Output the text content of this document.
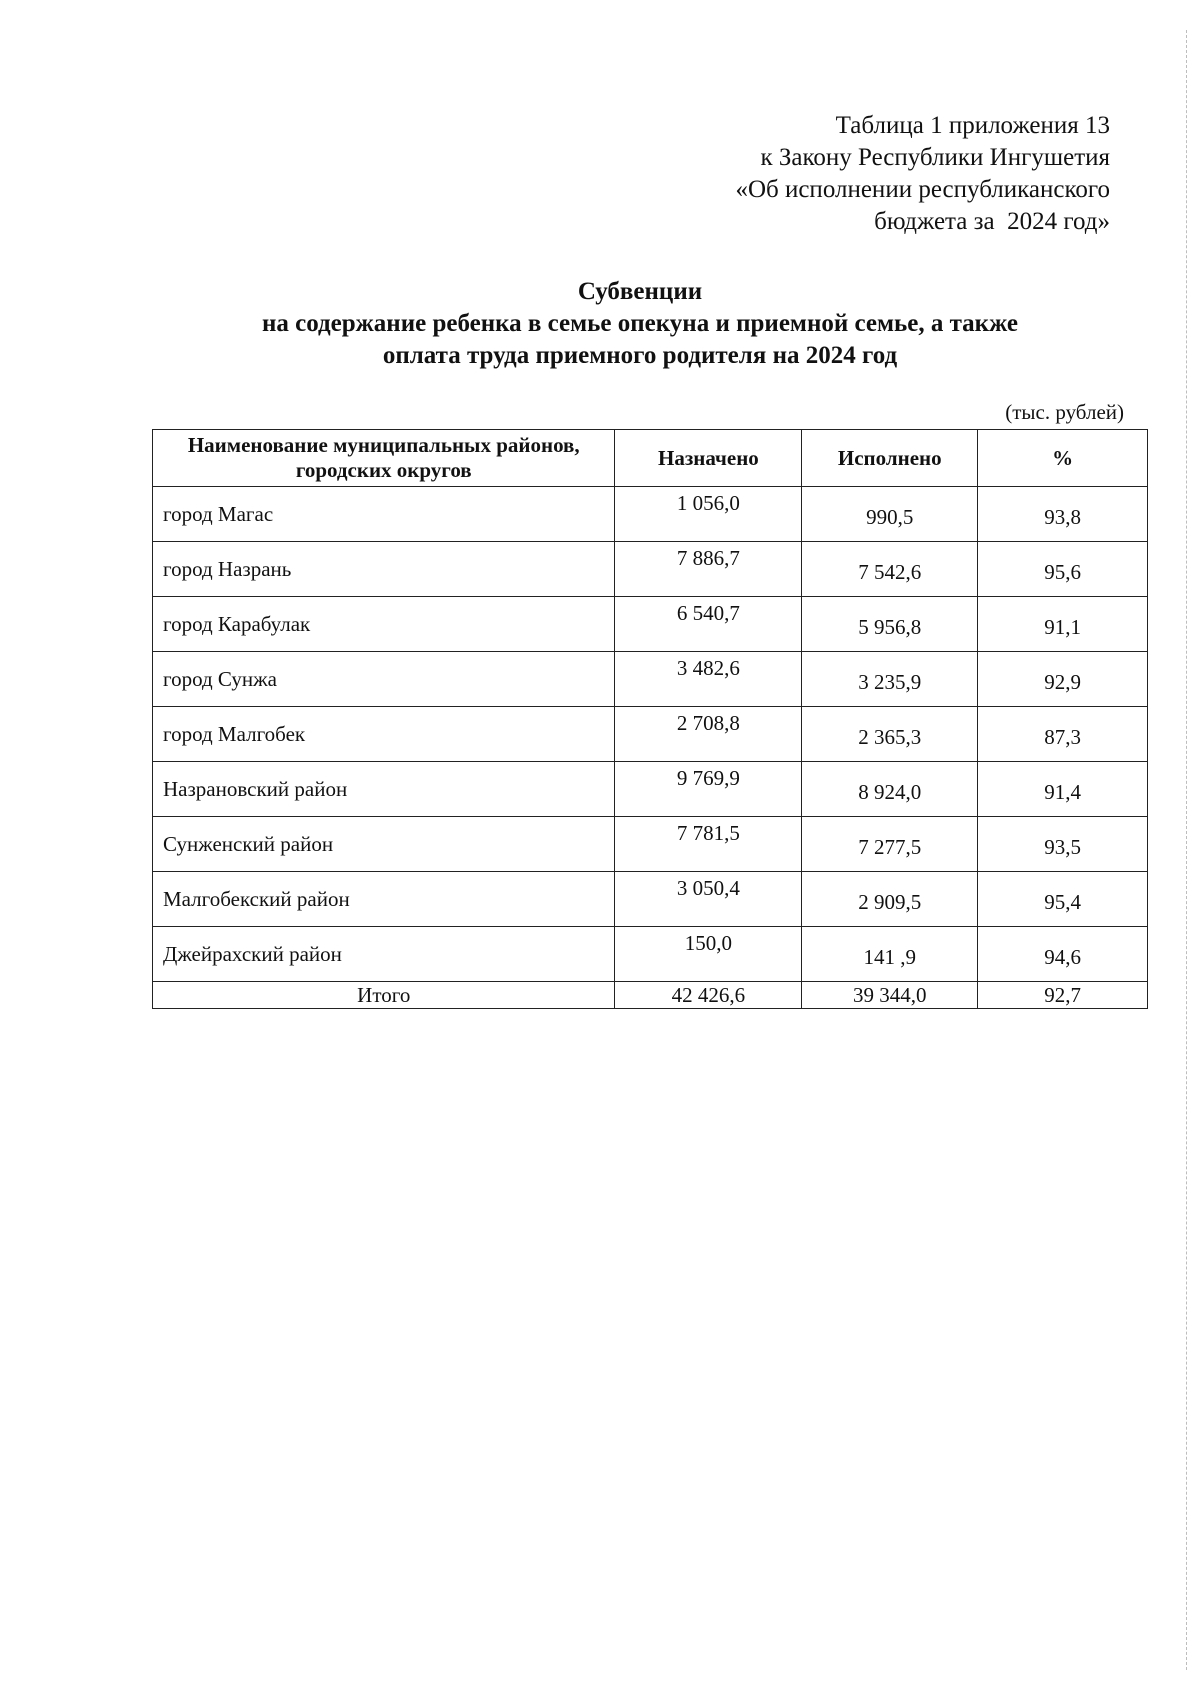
Таблица 1 приложения 13
к Закону Республики Ингушетия
«Об исполнении республиканского
бюджета за  2024 год»
Субвенции
на содержание ребенка в семье опекуна и приемной семье, а также
оплата труда приемного родителя на 2024 год
(тыс. рублей)
Наименование муниципальных районов, городских округов	Назначено	Исполнено	%
город Магас	1 056,0	990,5	93,8
город Назрань	7 886,7	7 542,6	95,6
город Карабулак	6 540,7	5 956,8	91,1
город Сунжа	3 482,6	3 235,9	92,9
город Малгобек	2 708,8	2 365,3	87,3
Назрановский район	9 769,9	8 924,0	91,4
Сунженский район	7 781,5	7 277,5	93,5
Малгобекский район	3 050,4	2 909,5	95,4
Джейрахский район	150,0	141 ,9	94,6
Итого	42 426,6	39 344,0	92,7
